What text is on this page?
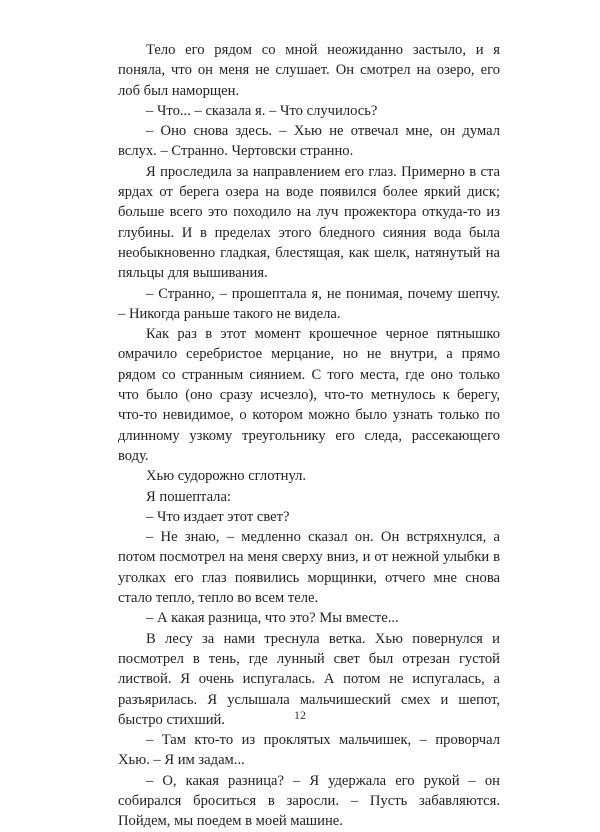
Тело его рядом со мной неожиданно застыло, и я поняла, что он меня не слушает. Он смотрел на озеро, его лоб был наморщен.

– Что... – сказала я. – Что случилось?

– Оно снова здесь. – Хью не отвечал мне, он думал вслух. – Странно. Чертовски странно.

Я проследила за направлением его глаз. Примерно в ста ярдах от берега озера на воде появился более яркий диск; больше всего это походило на луч прожектора откуда-то из глубины. И в пределах этого бледного сияния вода была необыкновенно гладкая, блестящая, как шелк, натянутый на пяльцы для вышивания.

– Странно, – прошептала я, не понимая, почему шепчу. – Никогда раньше такого не видела.

Как раз в этот момент крошечное черное пятнышко омрачило серебристое мерцание, но не внутри, а прямо рядом со странным сиянием. С того места, где оно только что было (оно сразу исчезло), что-то метнулось к берегу, что-то невидимое, о котором можно было узнать только по длинному узкому треугольнику его следа, рассекающего воду.

Хью судорожно сглотнул.

Я пошептала:

– Что издает этот свет?

– Не знаю, – медленно сказал он. Он встряхнулся, а потом посмотрел на меня сверху вниз, и от нежной улыбки в уголках его глаз появились морщинки, отчего мне снова стало тепло, тепло во всем теле.

– А какая разница, что это? Мы вместе...

В лесу за нами треснула ветка. Хью повернулся и посмотрел в тень, где лунный свет был отрезан густой листвой. Я очень испугалась. А потом не испугалась, а разъярилась. Я услышала мальчишеский смех и шепот, быстро стихший.

– Там кто-то из проклятых мальчишек, – проворчал Хью. – Я им задам...

– О, какая разница? – Я удержала его рукой – он собирался броситься в заросли. – Пусть забавляются. Пойдем, мы поедем в моей машине.

12
